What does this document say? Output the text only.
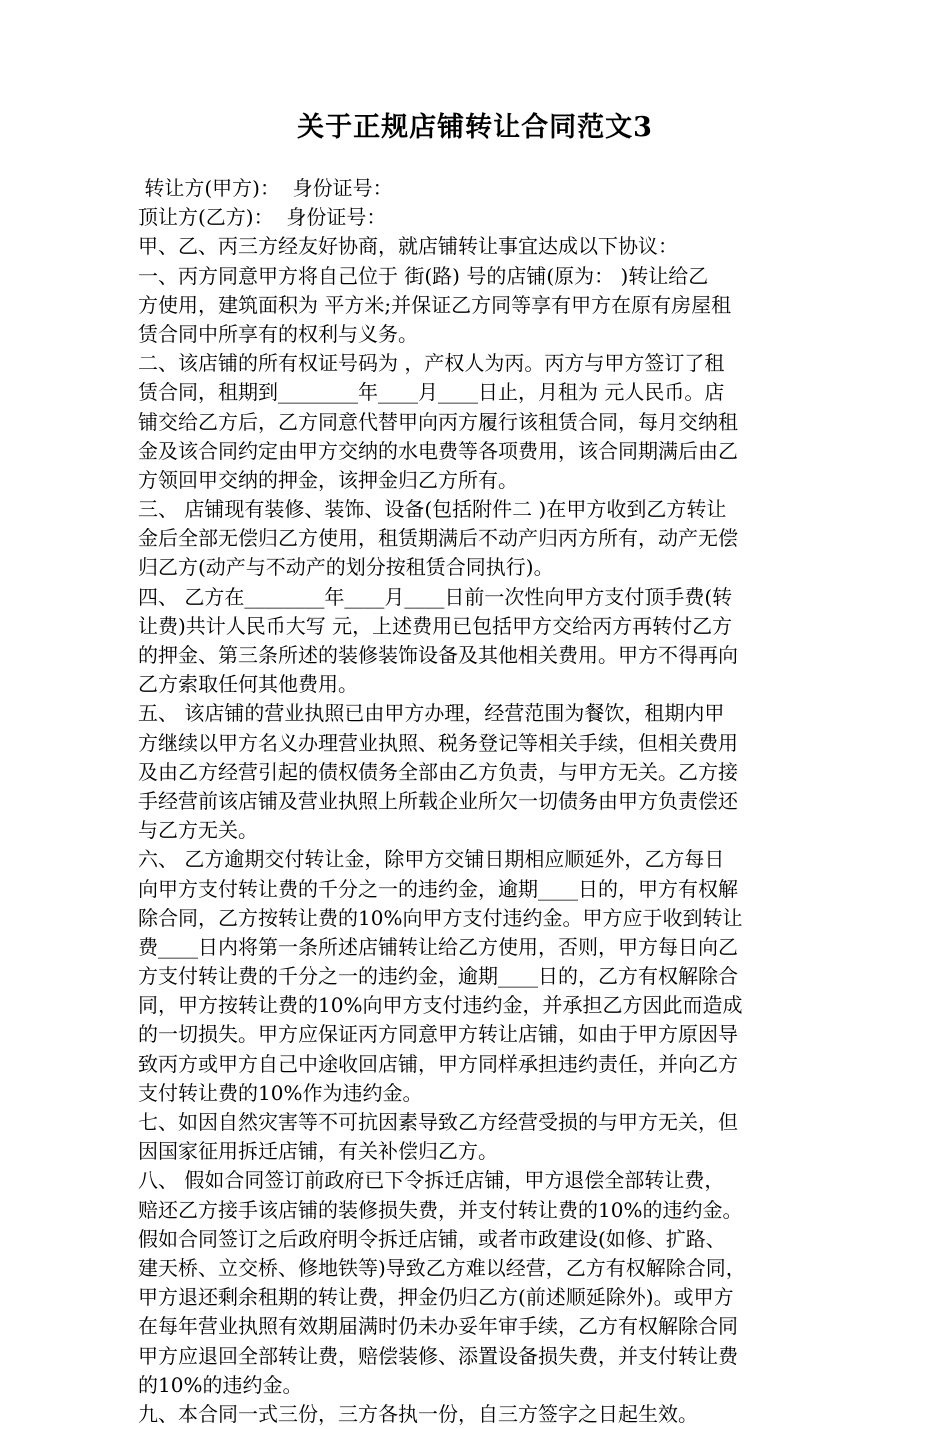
关于正规店铺转让合同范文3
转让方(甲方)：  身份证号：
顶让方(乙方)：  身份证号：
甲、乙、丙三方经友好协商，就店铺转让事宜达成以下协议：
一、丙方同意甲方将自己位于 街(路) 号的店铺(原为： )转让给乙
方使用，建筑面积为 平方米;并保证乙方同等享有甲方在原有房屋租
赁合同中所享有的权利与义务。
二、该店铺的所有权证号码为 ，产权人为丙。丙方与甲方签订了租
赁合同，租期到________年____月____日止，月租为 元人民币。店
铺交给乙方后，乙方同意代替甲向丙方履行该租赁合同，每月交纳租
金及该合同约定由甲方交纳的水电费等各项费用，该合同期满后由乙
方领回甲交纳的押金，该押金归乙方所有。
三、 店铺现有装修、装饰、设备(包括附件二 )在甲方收到乙方转让
金后全部无偿归乙方使用，租赁期满后不动产归丙方所有，动产无偿
归乙方(动产与不动产的划分按租赁合同执行)。
四、 乙方在________年____月____日前一次性向甲方支付顶手费(转
让费)共计人民币大写 元，上述费用已包括甲方交给丙方再转付乙方
的押金、第三条所述的装修装饰设备及其他相关费用。甲方不得再向
乙方索取任何其他费用。
五、 该店铺的营业执照已由甲方办理，经营范围为餐饮，租期内甲
方继续以甲方名义办理营业执照、税务登记等相关手续，但相关费用
及由乙方经营引起的债权债务全部由乙方负责，与甲方无关。乙方接
手经营前该店铺及营业执照上所载企业所欠一切债务由甲方负责偿还
与乙方无关。
六、 乙方逾期交付转让金，除甲方交铺日期相应顺延外，乙方每日
向甲方支付转让费的千分之一的违约金，逾期____日的，甲方有权解
除合同，乙方按转让费的10%向甲方支付违约金。甲方应于收到转让
费____日内将第一条所述店铺转让给乙方使用，否则，甲方每日向乙
方支付转让费的千分之一的违约金，逾期____日的，乙方有权解除合
同，甲方按转让费的10%向甲方支付违约金，并承担乙方因此而造成
的一切损失。甲方应保证丙方同意甲方转让店铺，如由于甲方原因导
致丙方或甲方自己中途收回店铺，甲方同样承担违约责任，并向乙方
支付转让费的10%作为违约金。
七、如因自然灾害等不可抗因素导致乙方经营受损的与甲方无关，但
因国家征用拆迁店铺，有关补偿归乙方。
八、 假如合同签订前政府已下令拆迁店铺，甲方退偿全部转让费，
赔还乙方接手该店铺的装修损失费，并支付转让费的10%的违约金。
假如合同签订之后政府明令拆迁店铺，或者市政建设(如修、扩路、
建天桥、立交桥、修地铁等)导致乙方难以经营，乙方有权解除合同，
甲方退还剩余租期的转让费，押金仍归乙方(前述顺延除外)。或甲方
在每年营业执照有效期届满时仍未办妥年审手续，乙方有权解除合同
甲方应退回全部转让费，赔偿装修、添置设备损失费，并支付转让费
的10%的违约金。
九、本合同一式三份，三方各执一份，自三方签字之日起生效。
